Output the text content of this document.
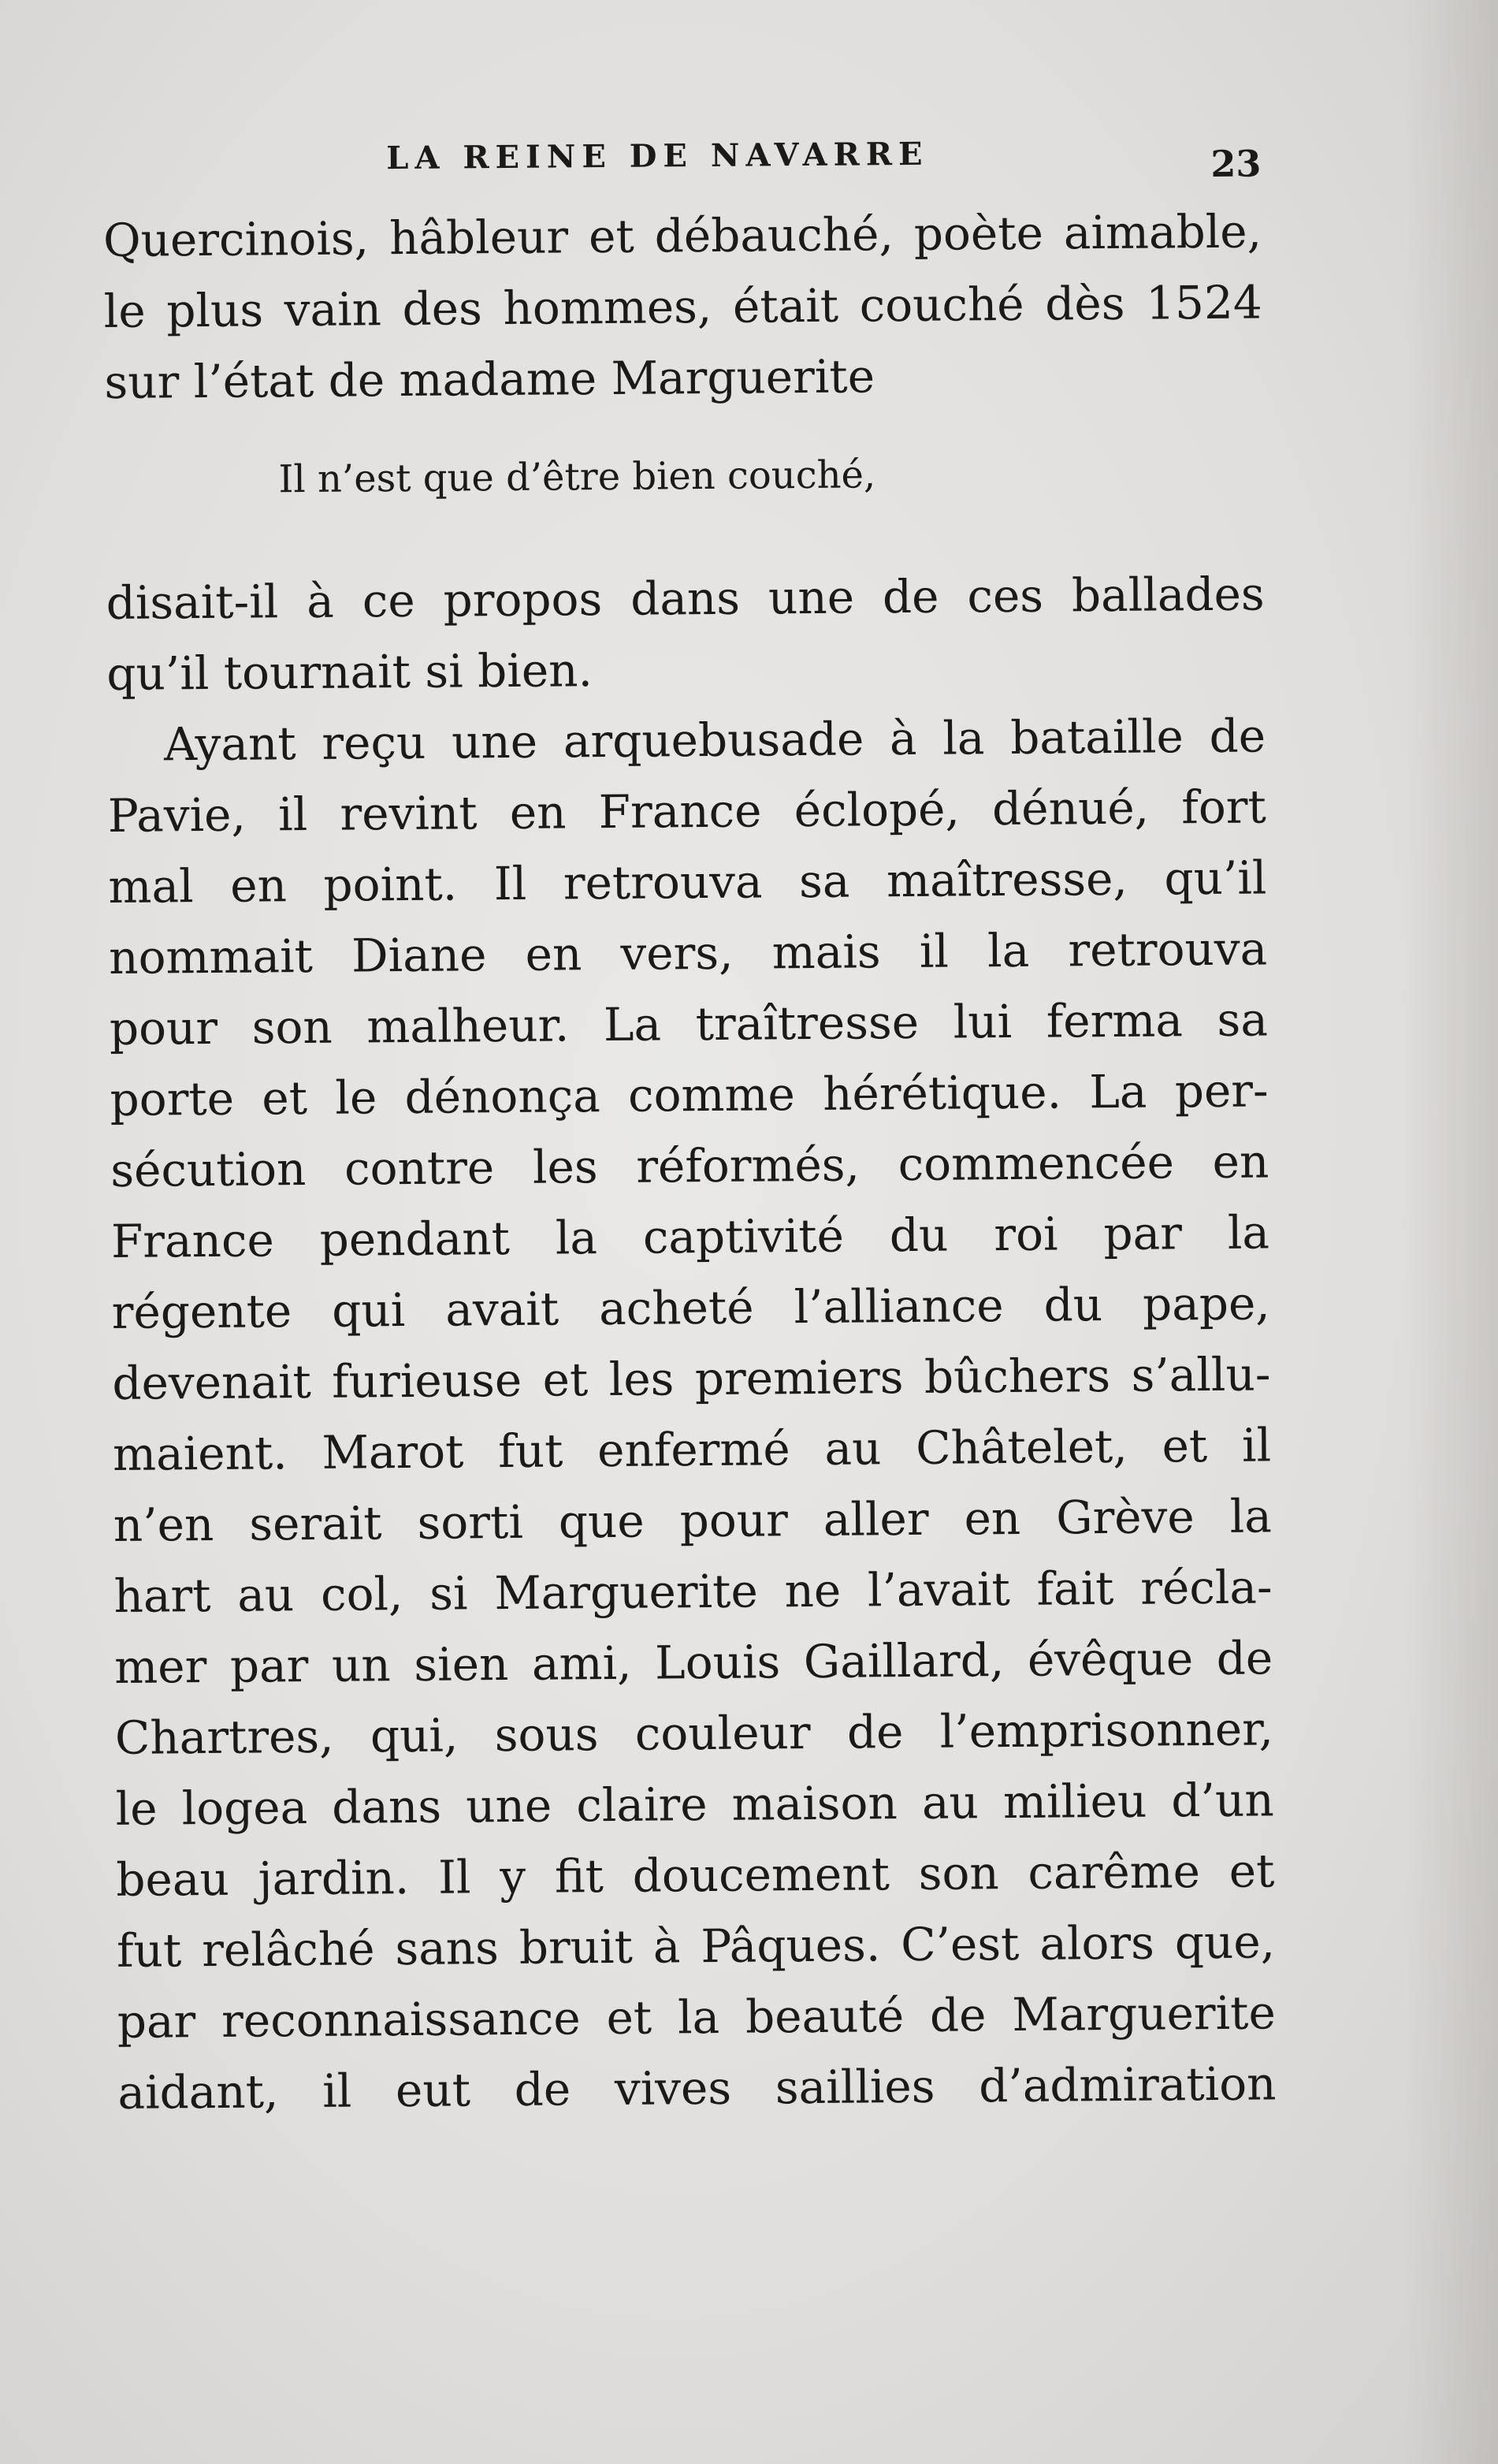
LA REINE DE NAVARRE	23

Quercinois, hâbleur et débauché, poète aimable,
le plus vain des hommes, était couché dès 1524
sur l’état de madame Marguerite

Il n’est que d’être bien couché,

disait-il à ce propos dans une de ces ballades
qu’il tournait si bien.

Ayant reçu une arquebusade à la bataille de
Pavie, il revint en France éclopé, dénué, fort
mal en point. Il retrouva sa maîtresse, qu’il
nommait Diane en vers, mais il la retrouva
pour son malheur. La traîtresse lui ferma sa
porte et le dénonça comme hérétique. La per-
sécution contre les réformés, commencée en
France pendant la captivité du roi par la
régente qui avait acheté l’alliance du pape,
devenait furieuse et les premiers bûchers s’allu-
maient. Marot fut enfermé au Châtelet, et il
n’en serait sorti que pour aller en Grève la
hart au col, si Marguerite ne l’avait fait récla-
mer par un sien ami, Louis Gaillard, évêque de
Chartres, qui, sous couleur de l’emprisonner,
le logea dans une claire maison au milieu d’un
beau jardin. Il y fit doucement son carême et
fut relâché sans bruit à Pâques. C’est alors que,
par reconnaissance et la beauté de Marguerite
aidant, il eut de vives saillies d’admiration
